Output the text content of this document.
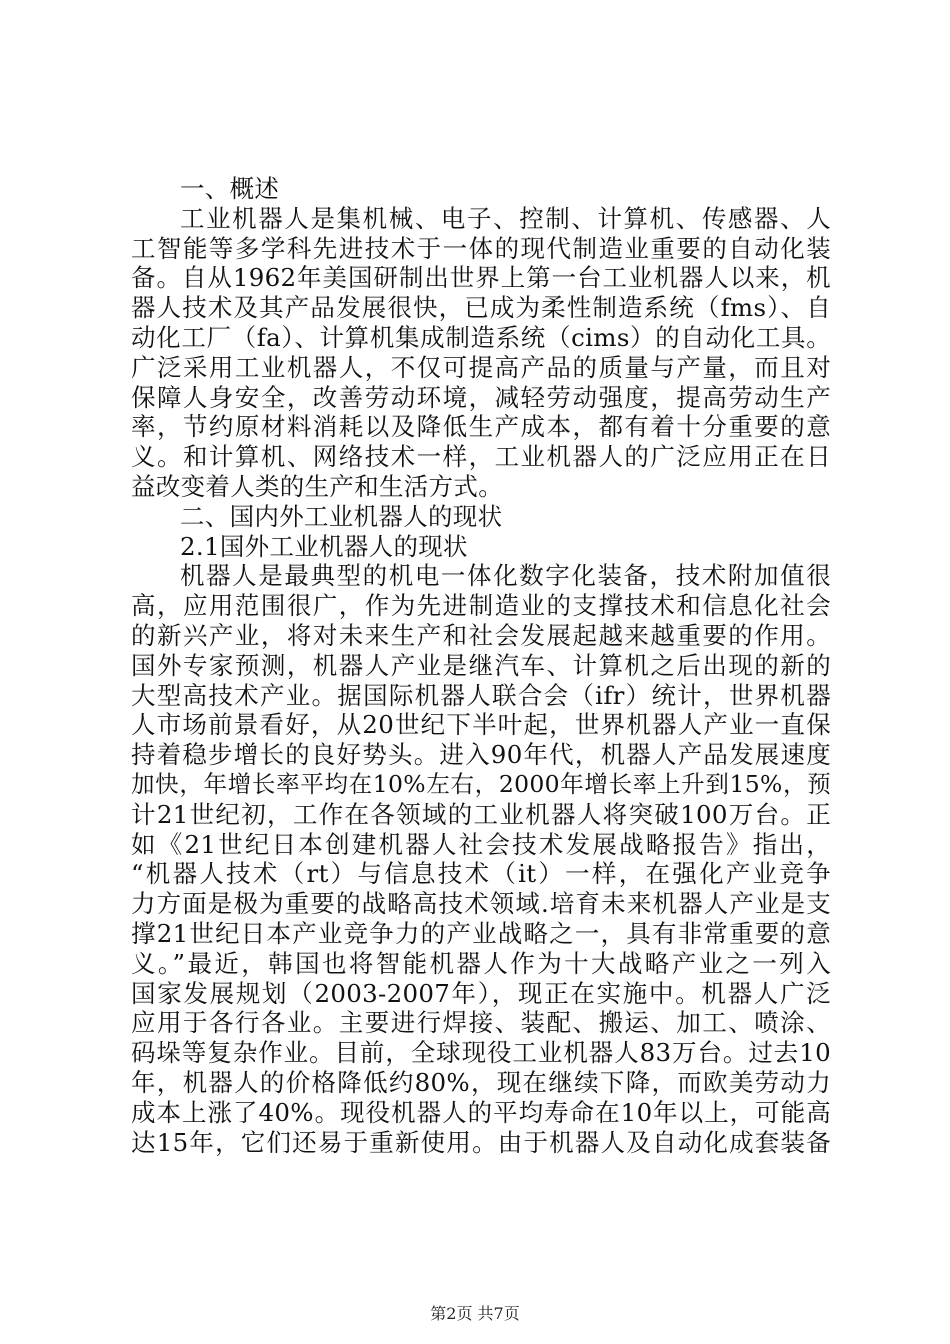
一、概述
工业机器人是集机械、电子、控制、计算机、传感器、人
工智能等多学科先进技术于一体的现代制造业重要的自动化装
备。自从1962年美国研制出世界上第一台工业机器人以来，机
器人技术及其产品发展很快，已成为柔性制造系统（fms）、自
动化工厂（fa）、计算机集成制造系统（cims）的自动化工具。
广泛采用工业机器人，不仅可提高产品的质量与产量，而且对
保障人身安全，改善劳动环境，减轻劳动强度，提高劳动生产
率，节约原材料消耗以及降低生产成本，都有着十分重要的意
义。和计算机、网络技术一样，工业机器人的广泛应用正在日
益改变着人类的生产和生活方式。
二、国内外工业机器人的现状
2.1国外工业机器人的现状
机器人是最典型的机电一体化数字化装备，技术附加值很
高，应用范围很广，作为先进制造业的支撑技术和信息化社会
的新兴产业，将对未来生产和社会发展起越来越重要的作用。
国外专家预测，机器人产业是继汽车、计算机之后出现的新的
大型高技术产业。据国际机器人联合会（ifr）统计，世界机器
人市场前景看好，从20世纪下半叶起，世界机器人产业一直保
持着稳步增长的良好势头。进入90年代，机器人产品发展速度
加快，年增长率平均在10%左右，2000年增长率上升到15%，预
计21世纪初，工作在各领域的工业机器人将突破100万台。正
如《21世纪日本创建机器人社会技术发展战略报告》指出，
“机器人技术（rt）与信息技术（it）一样，在强化产业竞争
力方面是极为重要的战略高技术领域.培育未来机器人产业是支
撑21世纪日本产业竞争力的产业战略之一，具有非常重要的意
义。”最近，韩国也将智能机器人作为十大战略产业之一列入
国家发展规划（2003-2007年），现正在实施中。机器人广泛
应用于各行各业。主要进行焊接、装配、搬运、加工、喷涂、
码垛等复杂作业。目前，全球现役工业机器人83万台。过去10
年，机器人的价格降低约80%，现在继续下降，而欧美劳动力
成本上涨了40%。现役机器人的平均寿命在10年以上，可能高
达15年，它们还易于重新使用。由于机器人及自动化成套装备
第2页 共7页
